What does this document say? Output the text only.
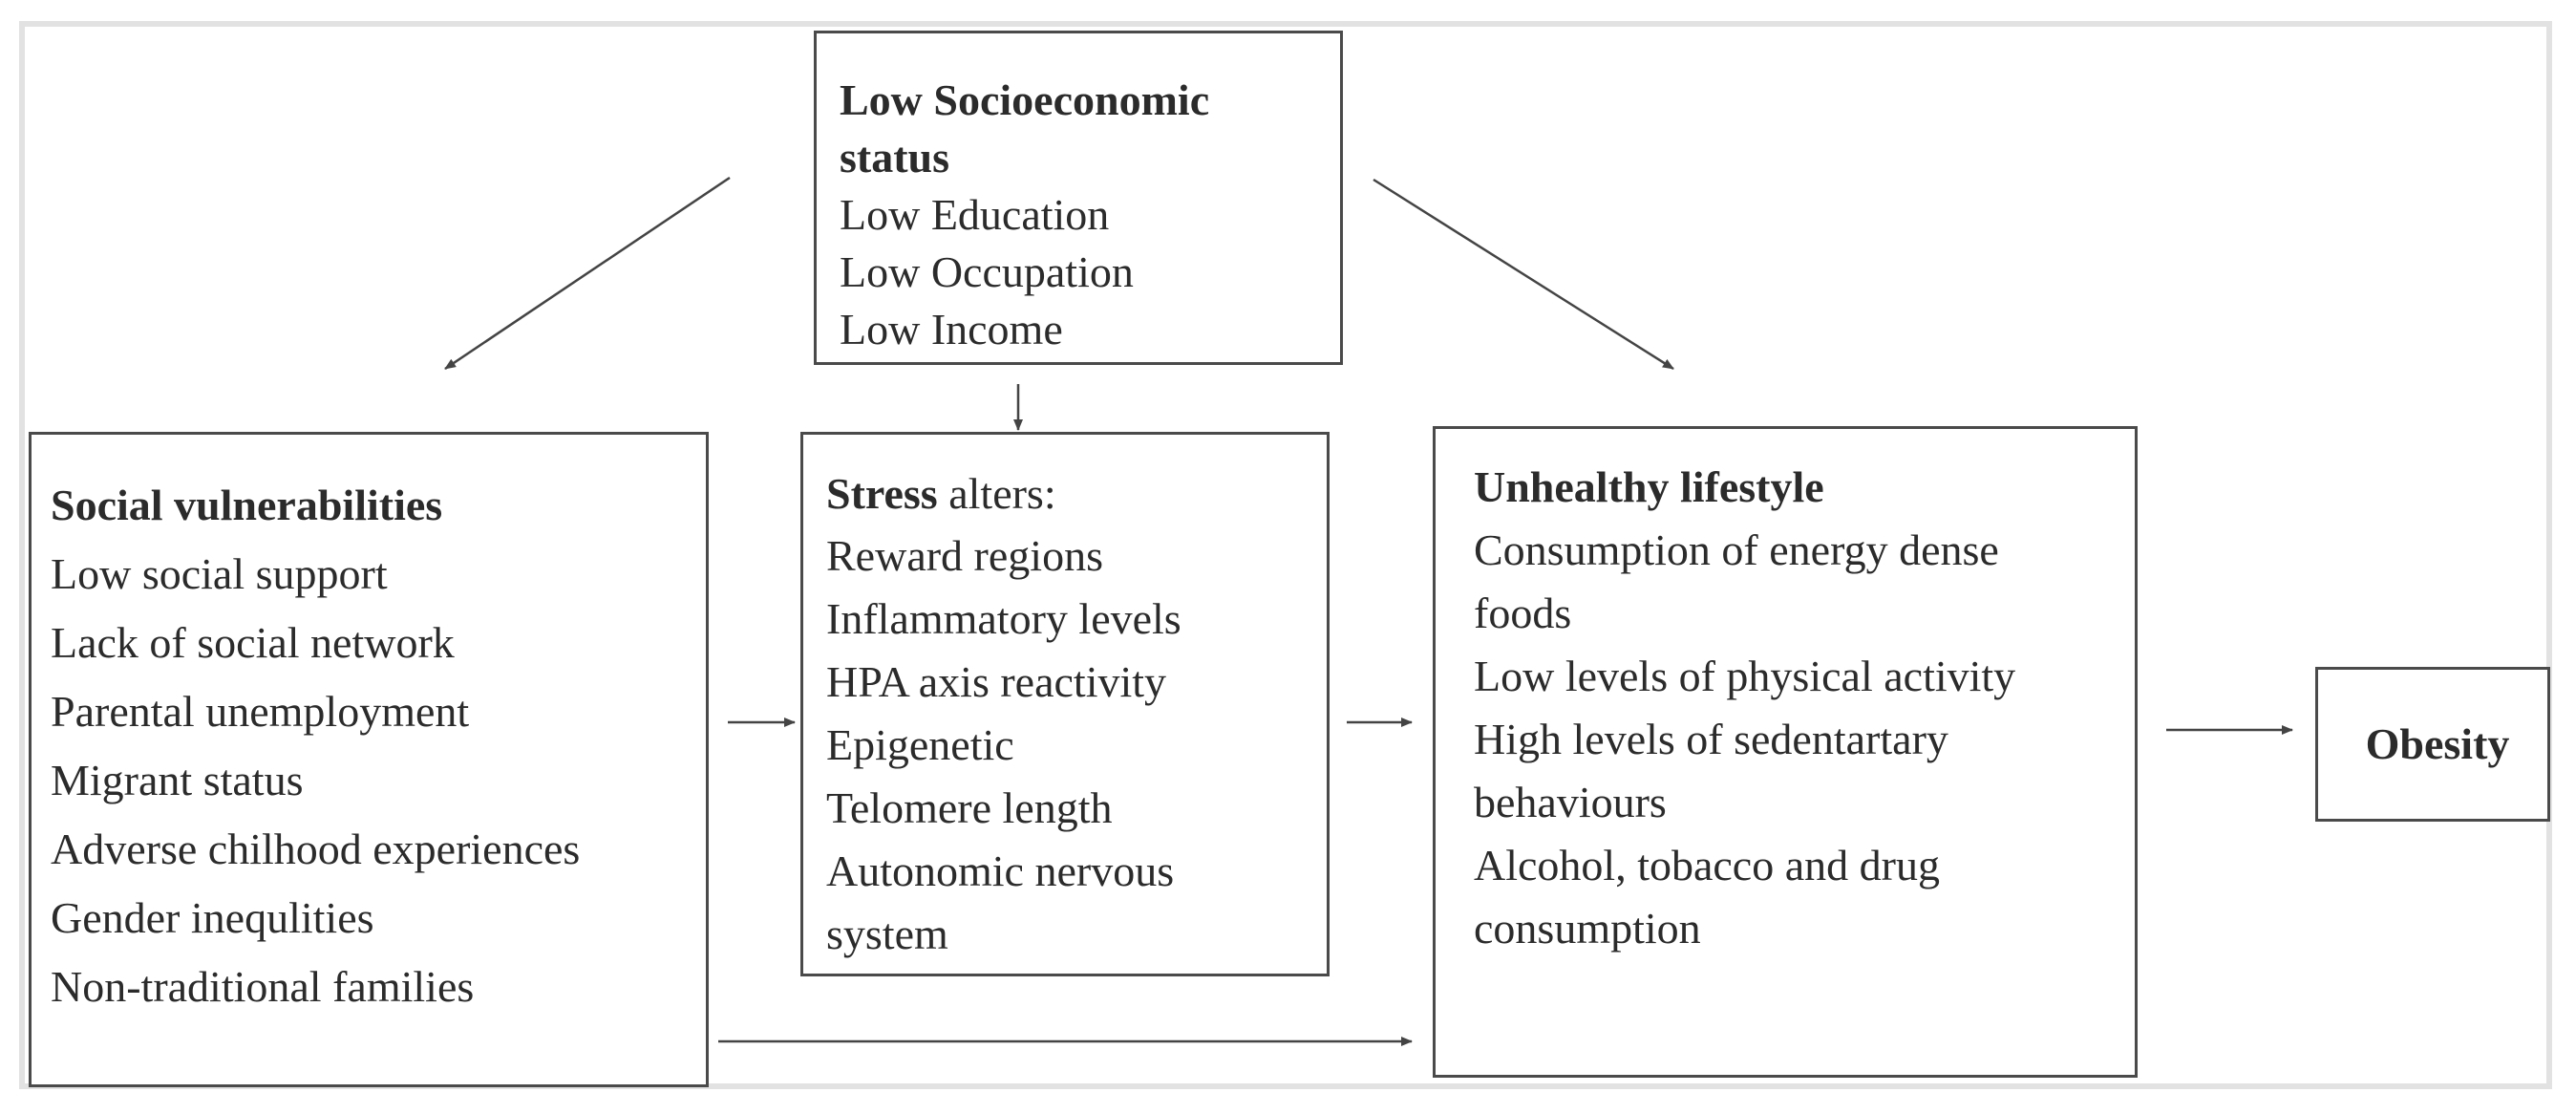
Low Socioeconomic
status
Low Education
Low Occupation
Low Income
Social vulnerabilities
Low social support
Lack of social network
Parental unemployment
Migrant status
Adverse chilhood experiences
Gender inequlities
Non-traditional families
Stress alters:
Reward regions
Inflammatory levels
HPA axis reactivity
Epigenetic
Telomere length
Autonomic nervous
system
Unhealthy lifestyle
Consumption of energy dense
foods
Low levels of physical activity
High levels of sedentartary
behaviours
Alcohol, tobacco and drug
consumption
Obesity
